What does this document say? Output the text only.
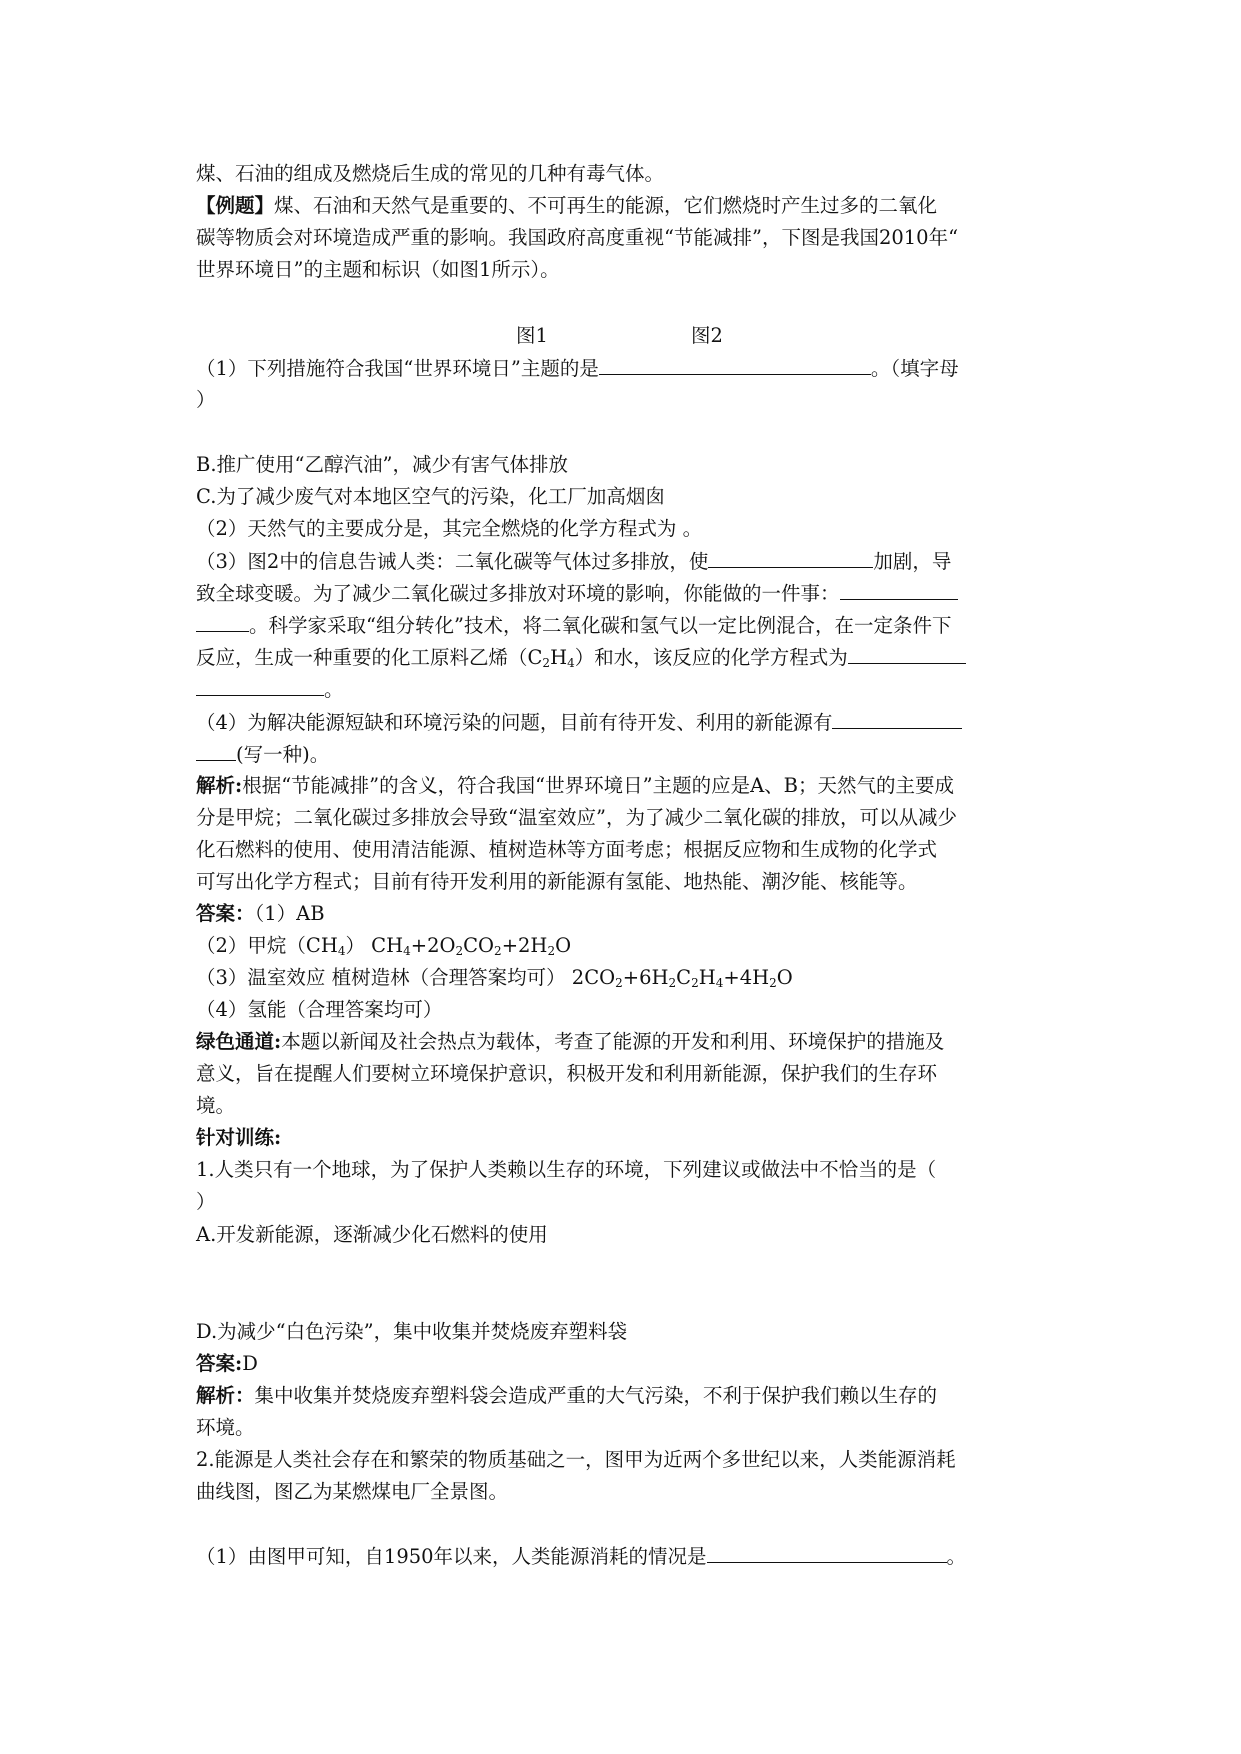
煤、石油的组成及燃烧后生成的常见的几种有毒气体。
【例题】煤、石油和天然气是重要的、不可再生的能源，它们燃烧时产生过多的二氧化
碳等物质会对环境造成严重的影响。我国政府高度重视“节能减排”，下图是我国2010年“
世界环境日”的主题和标识（如图1所示）。
图1	图2
（1）下列措施符合我国“世界环境日”主题的是	。（填字母
）
B.推广使用“乙醇汽油”，减少有害气体排放
C.为了减少废气对本地区空气的污染，化工厂加高烟囱
（2）天然气的主要成分是，其完全燃烧的化学方程式为 。
（3）图2中的信息告诫人类：二氧化碳等气体过多排放，使	加剧，导
致全球变暖。为了减少二氧化碳过多排放对环境的影响，你能做的一件事：
。科学家采取“组分转化”技术，将二氧化碳和氢气以一定比例混合，在一定条件下
反应，生成一种重要的化工原料乙烯$(C_2H_4)$和水，该反应的化学方程式为
。
（4）为解决能源短缺和环境污染的问题，目前有待开发、利用的新能源有
(写一种)。
解析:根据“节能减排”的含义，符合我国“世界环境日”主题的应是A、B；天然气的主要成
分是甲烷；二氧化碳过多排放会导致“温室效应”，为了减少二氧化碳的排放，可以从减少
化石燃料的使用、使用清洁能源、植树造林等方面考虑；根据反应物和生成物的化学式
可写出化学方程式；目前有待开发利用的新能源有氢能、地热能、潮汐能、核能等。
答案：（1）AB
（2）甲烷$(CH_4)$ $CH_4+2O_2CO_2+2H_2O$
（3）温室效应 植树造林（合理答案均可） $2CO_2+6H_2C_2H_4+4H_2O$
（4）氢能（合理答案均可）
绿色通道:本题以新闻及社会热点为载体，考查了能源的开发和利用、环境保护的措施及
意义，旨在提醒人们要树立环境保护意识，积极开发和利用新能源，保护我们的生存环
境。
针对训练:
1.人类只有一个地球，为了保护人类赖以生存的环境，下列建议或做法中不恰当的是（
）
A.开发新能源，逐渐减少化石燃料的使用
D.为减少“白色污染”，集中收集并焚烧废弃塑料袋
答案:D
解析：集中收集并焚烧废弃塑料袋会造成严重的大气污染，不利于保护我们赖以生存的
环境。
2.能源是人类社会存在和繁荣的物质基础之一，图甲为近两个多世纪以来，人类能源消耗
曲线图，图乙为某燃煤电厂全景图。
（1）由图甲可知，自1950年以来，人类能源消耗的情况是	。
